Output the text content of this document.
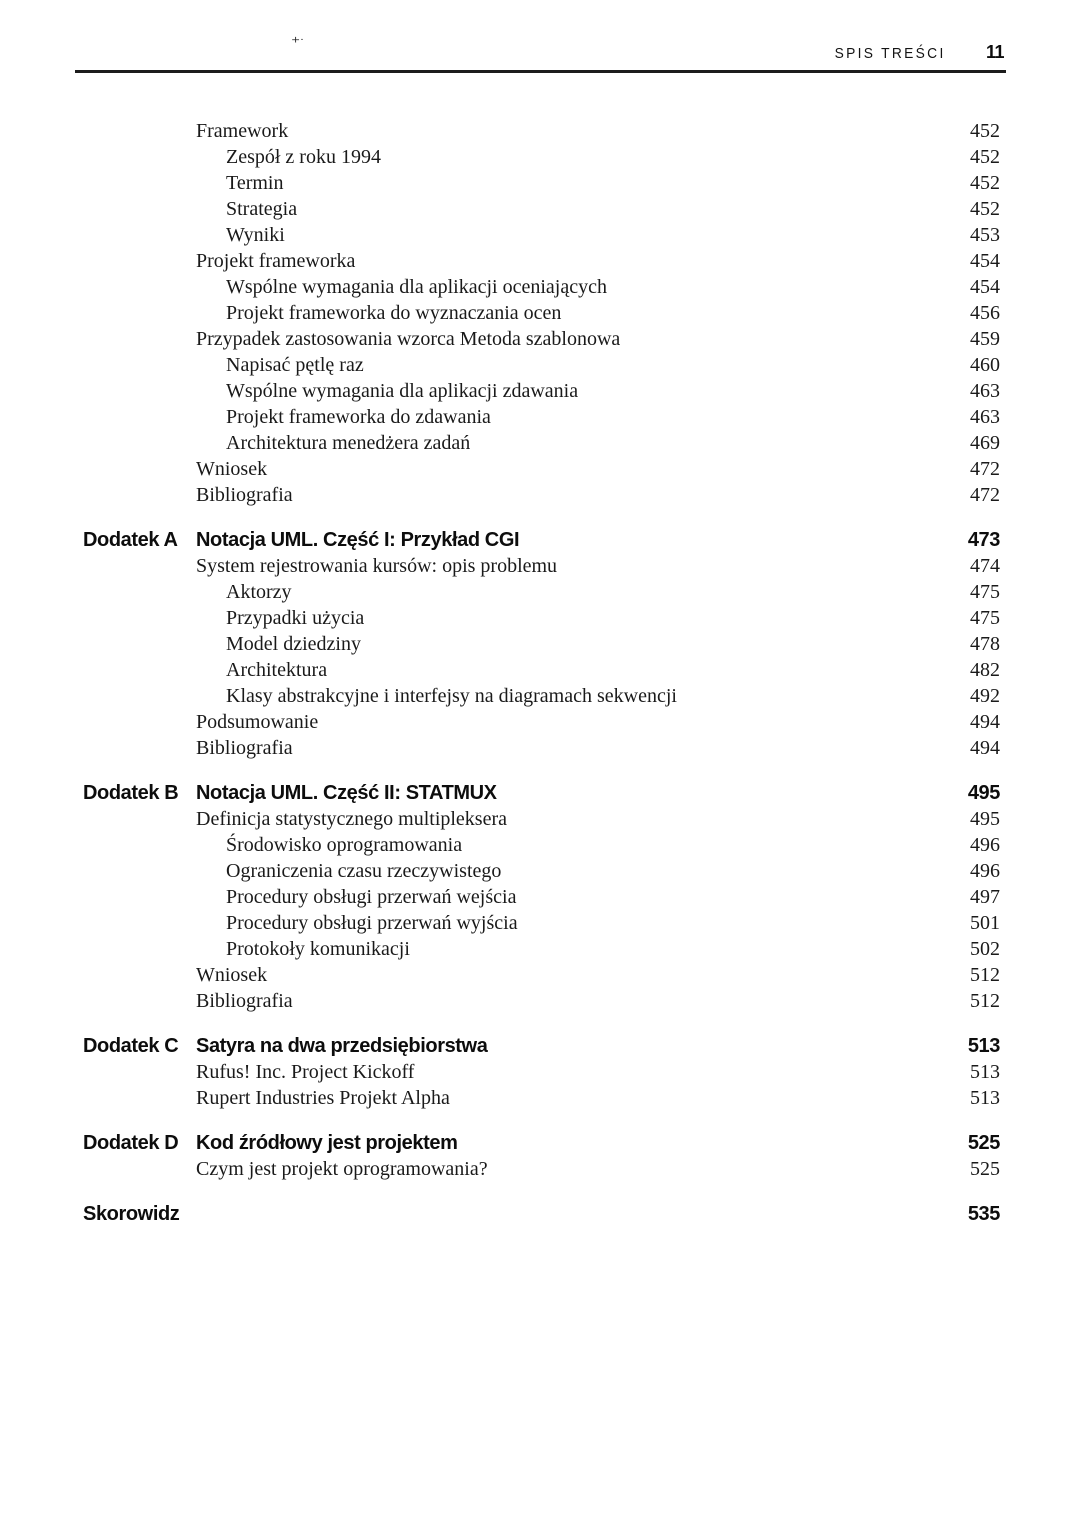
+·
SPIS TREŚCI 11
Framework	452
Zespół z roku 1994	452
Termin	452
Strategia	452
Wyniki	453
Projekt frameworka	454
Wspólne wymagania dla aplikacji oceniających	454
Projekt frameworka do wyznaczania ocen	456
Przypadek zastosowania wzorca Metoda szablonowa	459
Napisać pętlę raz	460
Wspólne wymagania dla aplikacji zdawania	463
Projekt frameworka do zdawania	463
Architektura menedżera zadań	469
Wniosek	472
Bibliografia	472
Dodatek A Notacja UML. Część I: Przykład CGI	473
System rejestrowania kursów: opis problemu	474
Aktorzy	475
Przypadki użycia	475
Model dziedziny	478
Architektura	482
Klasy abstrakcyjne i interfejsy na diagramach sekwencji	492
Podsumowanie	494
Bibliografia	494
Dodatek B Notacja UML. Część II: STATMUX	495
Definicja statystycznego multipleksera	495
Środowisko oprogramowania	496
Ograniczenia czasu rzeczywistego	496
Procedury obsługi przerwań wejścia	497
Procedury obsługi przerwań wyjścia	501
Protokoły komunikacji	502
Wniosek	512
Bibliografia	512
Dodatek C Satyra na dwa przedsiębiorstwa	513
Rufus! Inc. Project Kickoff	513
Rupert Industries Projekt Alpha	513
Dodatek D Kod źródłowy jest projektem	525
Czym jest projekt oprogramowania?	525
Skorowidz	535
